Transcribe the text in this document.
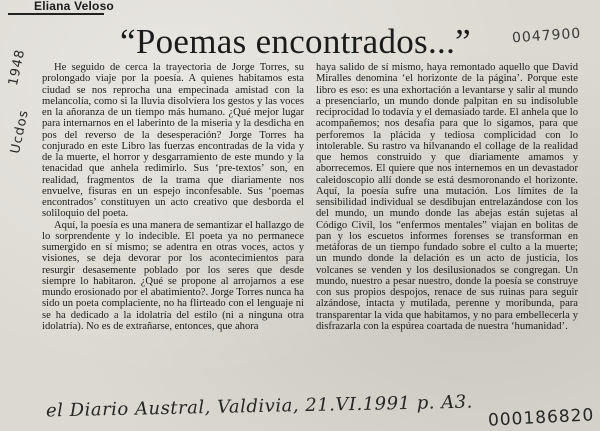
Eliana Veloso
“Poemas encontrados...”	0047900
1948
Ucdos

He seguido de cerca la trayectoria de Jorge Torres, su prolongado viaje por la poesía. A quienes habitamos esta ciudad se nos reprocha una empecinada amistad con la melancolía, como si la lluvia disolviera los gestos y las voces en la añoranza de un tiempo más humano. ¿Qué mejor lugar para internarnos en el laberinto de la miseria y la desdicha en pos del reverso de la desesperación? Jorge Torres ha conjurado en este Libro las fuerzas encontradas de la vida y de la muerte, el horror y desgarramiento de este mundo y la tenacidad que anhela redimirlo. Sus ‘pre-textos’ son, en realidad, fragmentos de la trama que diariamente nos envuelve, fisuras en un espejo inconfesable. Sus ‘poemas encontrados’ constituyen un acto creativo que desborda el soliloquio del poeta.

Aquí, la poesía es una manera de semantizar el hallazgo de lo sorprendente y lo indecible. El poeta ya no permanece sumergido en sí mismo; se adentra en otras voces, actos y visiones, se deja devorar por los acontecimientos para resurgir desasemente poblado por los seres que desde siempre lo habitaron. ¿Qué se propone al arrojarnos a ese mundo erosionado por el abatimiento?. Jorge Torres nunca ha sido un poeta complaciente, no ha flirteado con el lenguaje ni se ha dedicado a la idolatría del estilo (ni a ninguna otra idolatría). No es de extrañarse, entonces, que ahora

haya salido de sí mismo, haya remontado aquello que David Miralles denomina ‘el horizonte de la página’. Porque este libro es eso: es una exhortación a levantarse y salir al mundo a presenciarlo, un mundo donde palpitan en su indisoluble reciprocidad lo todavía y el demasiado tarde. El anhela que lo acompañemos; nos desafía para que lo sigamos, para que perforemos la plácida y tediosa complicidad con lo intolerable. Su rastro va hilvanando el collage de la realidad que hemos construido y que diariamente amamos y aborrecemos. El quiere que nos internemos en un devastador caleidoscopio allí donde se está desmoronando el horizonte. Aquí, la poesía sufre una mutación. Los límites de la sensibilidad individual se desdibujan entrelazándose con los del mundo, un mundo donde las abejas están sujetas al Código Civil, los “enfermos mentales” viajan en bolitas de pan y los escuetos informes forenses se transforman en metáforas de un tiempo fundado sobre el culto a la muerte; un mundo donde la delación es un acto de justicia, los volcanes se venden y los desilusionados se congregan. Un mundo, nuestro a pesar nuestro, donde la poesía se construye con sus propios despojos, renace de sus ruinas para seguir alzándose, intacta y mutilada, perenne y moribunda, para transparentar la vida que habitamos, y no para embellecerla y disfrazarla con la espúrea coartada de nuestra ‘humanidad’.

el Diario Austral, Valdivia, 21.VI.1991 p. A3. 000186820
